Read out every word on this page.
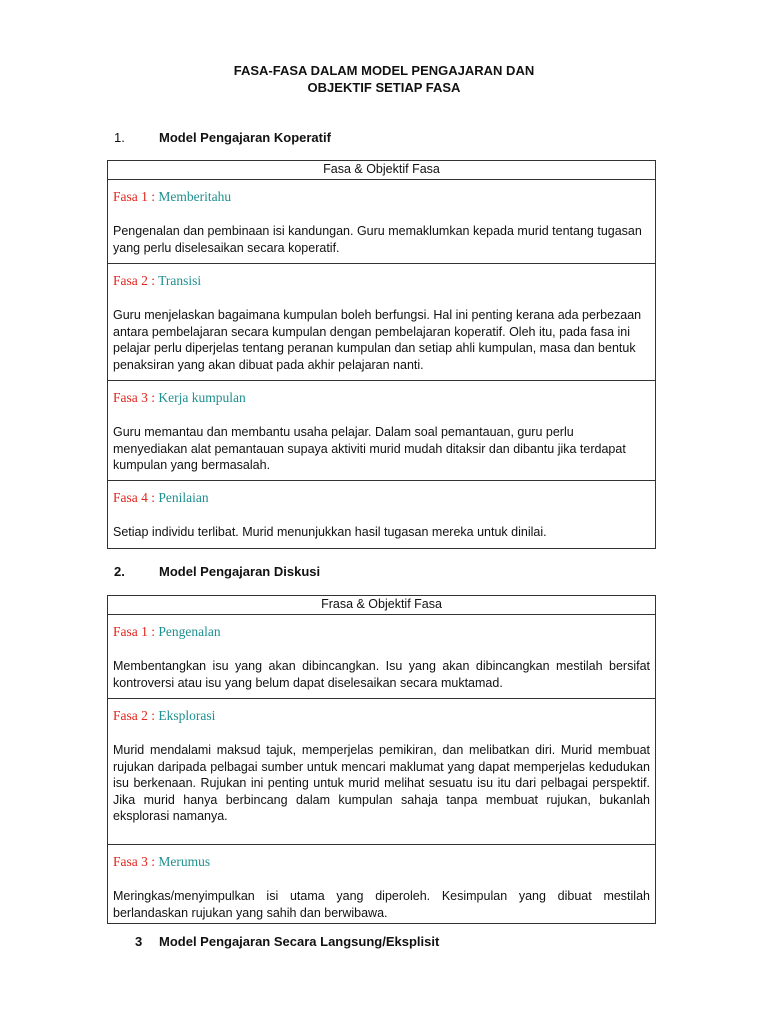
FASA-FASA DALAM MODEL PENGAJARAN DAN
OBJEKTIF SETIAP FASA
1.	Model Pengajaran Koperatif
Fasa & Objektif Fasa

Fasa 1 : Memberitahu
Pengenalan dan pembinaan isi kandungan. Guru memaklumkan kepada murid tentang tugasan yang perlu diselesaikan secara koperatif.

Fasa 2 : Transisi
Guru menjelaskan bagaimana kumpulan boleh berfungsi. Hal ini penting kerana ada perbezaan antara pembelajaran secara kumpulan dengan pembelajaran koperatif. Oleh itu, pada fasa ini pelajar perlu diperjelas tentang peranan kumpulan dan setiap ahli kumpulan, masa dan bentuk penaksiran yang akan dibuat pada akhir pelajaran nanti.

Fasa 3 : Kerja kumpulan
Guru memantau dan membantu usaha pelajar. Dalam soal pemantauan, guru perlu menyediakan alat pemantauan supaya aktiviti murid mudah ditaksir dan dibantu jika terdapat kumpulan yang bermasalah.

Fasa 4 : Penilaian
Setiap individu terlibat. Murid menunjukkan hasil tugasan mereka untuk dinilai.
2.	Model Pengajaran Diskusi
Frasa & Objektif Fasa

Fasa 1 : Pengenalan
Membentangkan isu yang akan dibincangkan. Isu yang akan dibincangkan mestilah bersifat kontroversi atau isu yang belum dapat diselesaikan secara muktamad.

Fasa 2 : Eksplorasi
Murid mendalami maksud tajuk, memperjelas pemikiran, dan melibatkan diri. Murid membuat rujukan daripada pelbagai sumber untuk mencari maklumat yang dapat memperjelas kedudukan isu berkenaan. Rujukan ini penting untuk murid melihat sesuatu isu itu dari pelbagai perspektif. Jika murid hanya berbincang dalam kumpulan sahaja tanpa membuat rujukan, bukanlah eksplorasi namanya.

Fasa 3 : Merumus
Meringkas/menyimpulkan isi utama yang diperoleh. Kesimpulan yang dibuat mestilah berlandaskan rujukan yang sahih dan berwibawa.
3 Model Pengajaran Secara Langsung/Eksplisit
